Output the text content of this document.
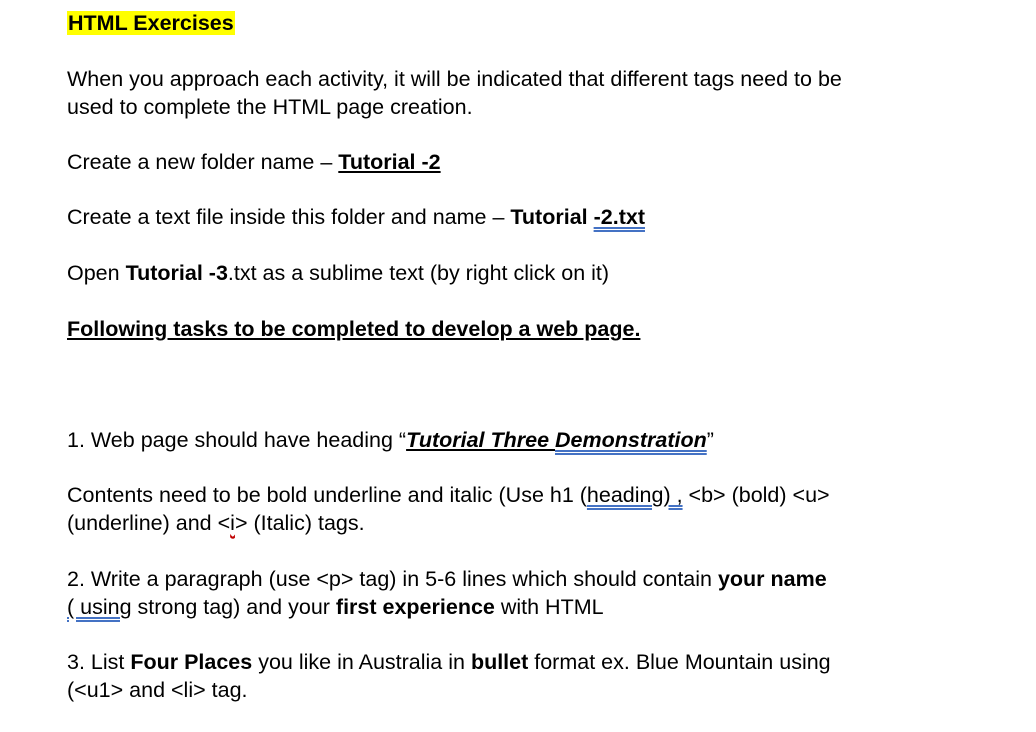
HTML Exercises
When you approach each activity, it will be indicated that different tags need to be
used to complete the HTML page creation.
Create a new folder name – Tutorial -2
Create a text file inside this folder and name – Tutorial -2.txt
Open Tutorial -3.txt as a sublime text (by right click on it)
Following tasks to be completed to develop a web page.
1. Web page should have heading “Tutorial Three Demonstration”
Contents need to be bold underline and italic (Use h1 (heading) , <b> (bold) <u>
(underline) and <i> (Italic) tags.
2. Write a paragraph (use <p> tag) in 5-6 lines which should contain your name
( using strong tag) and your first experience with HTML
3. List Four Places you like in Australia in bullet format ex. Blue Mountain using
(<u1> and <li> tag.
